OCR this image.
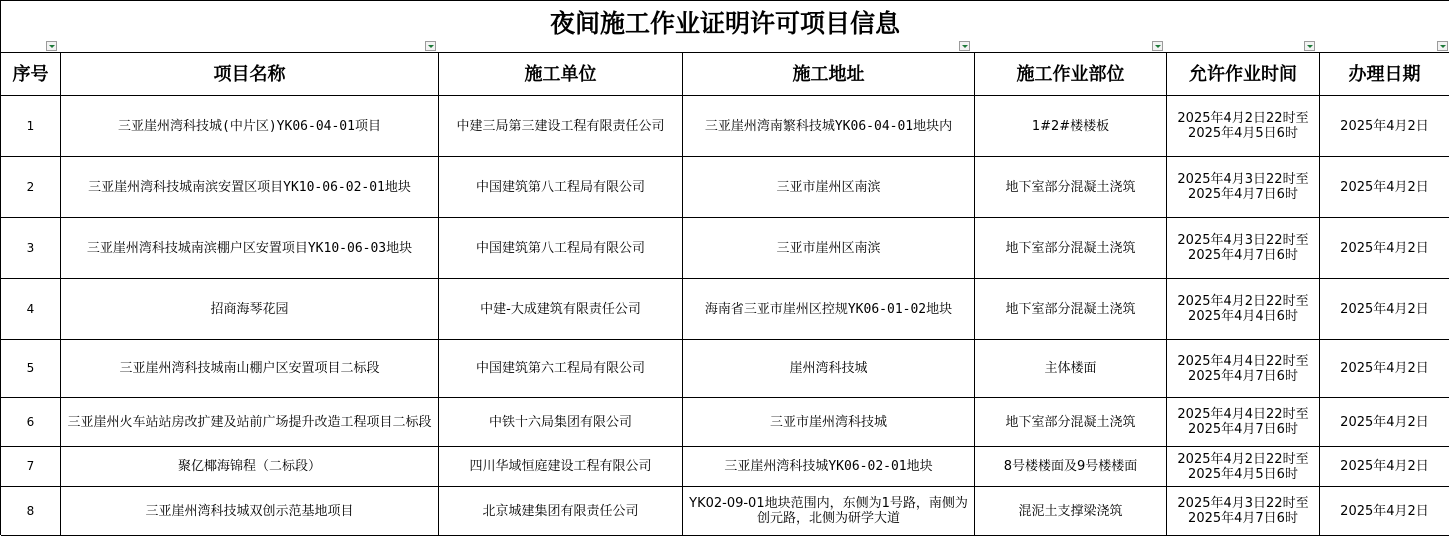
夜间施工作业证明许可项目信息
序号	项目名称	施工单位	施工地址	施工作业部位	允许作业时间	办理日期
1	三亚崖州湾科技城(中片区)YK06-04-01项目	中建三局第三建设工程有限责任公司	三亚崖州湾南繁科技城YK06-04-01地块内	1#2#楼楼板	2025年4月2日22时至2025年4月5日6时	2025年4月2日
2	三亚崖州湾科技城南滨安置区项目YK10-06-02-01地块	中国建筑第八工程局有限公司	三亚市崖州区南滨	地下室部分混凝土浇筑	2025年4月3日22时至2025年4月7日6时	2025年4月2日
3	三亚崖州湾科技城南滨棚户区安置项目YK10-06-03地块	中国建筑第八工程局有限公司	三亚市崖州区南滨	地下室部分混凝土浇筑	2025年4月3日22时至2025年4月7日6时	2025年4月2日
4	招商海琴花园	中建-大成建筑有限责任公司	海南省三亚市崖州区控规YK06-01-02地块	地下室部分混凝土浇筑	2025年4月2日22时至2025年4月4日6时	2025年4月2日
5	三亚崖州湾科技城南山棚户区安置项目二标段	中国建筑第六工程局有限公司	崖州湾科技城	主体楼面	2025年4月4日22时至2025年4月7日6时	2025年4月2日
6	三亚崖州火车站站房改扩建及站前广场提升改造工程项目二标段	中铁十六局集团有限公司	三亚市崖州湾科技城	地下室部分混凝土浇筑	2025年4月4日22时至2025年4月7日6时	2025年4月2日
7	聚亿椰海锦程（二标段）	四川华域恒庭建设工程有限公司	三亚崖州湾科技城YK06-02-01地块	8号楼楼面及9号楼楼面	2025年4月2日22时至2025年4月5日6时	2025年4月2日
8	三亚崖州湾科技城双创示范基地项目	北京城建集团有限责任公司	YK02-09-01地块范围内，东侧为1号路，南侧为创元路，北侧为研学大道	混泥土支撑梁浇筑	2025年4月3日22时至2025年4月7日6时	2025年4月2日
